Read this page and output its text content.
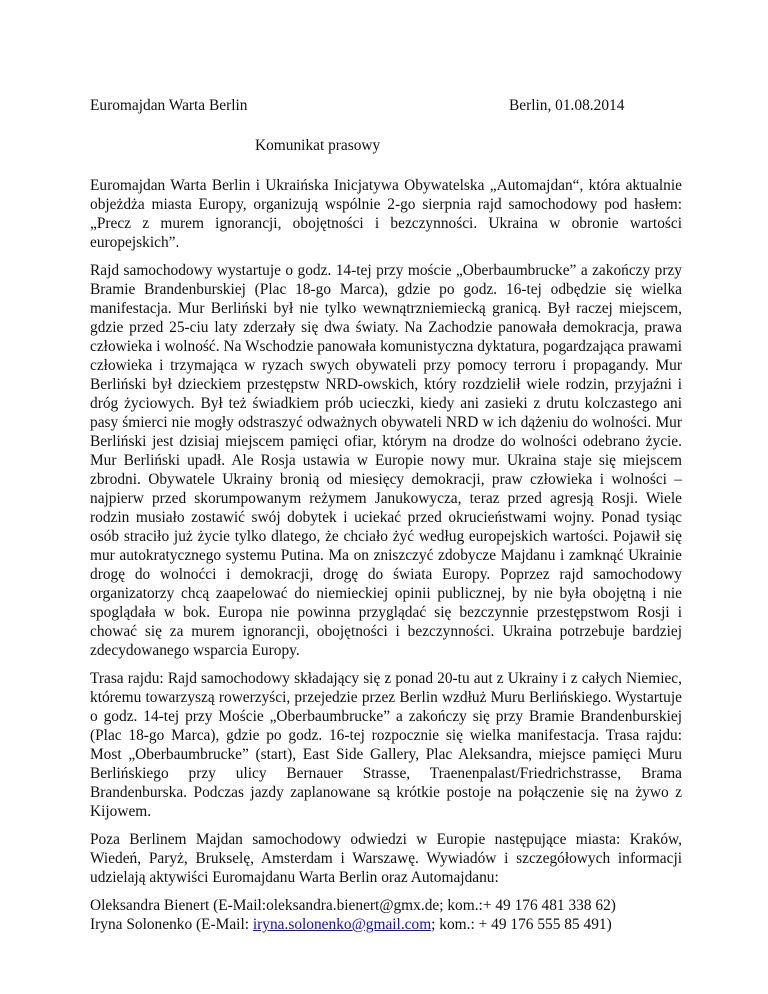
Euromajdan Warta Berlin	Berlin, 01.08.2014
Komunikat prasowy

Euromajdan Warta Berlin i Ukraińska Inicjatywa Obywatelska „Automajdan“, która aktualnie objeżdża miasta Europy, organizują wspólnie 2-go sierpnia rajd samochodowy pod hasłem: „Precz z murem ignorancji, obojętności i bezczynności. Ukraina w obronie wartości europejskich”.

Rajd samochodowy wystartuje o godz. 14-tej przy moście „Oberbaumbrucke” a zakończy przy Bramie Brandenburskiej (Plac 18-go Marca), gdzie po godz. 16-tej odbędzie się wielka manifestacja. Mur Berliński był nie tylko wewnątrzniemiecką granicą. Był raczej miejscem, gdzie przed 25-ciu laty zderzały się dwa światy. Na Zachodzie panowała demokracja, prawa człowieka i wolność. Na Wschodzie panowała komunistyczna dyktatura, pogardzająca prawami człowieka i trzymająca w ryzach swych obywateli przy pomocy terroru i propagandy. Mur Berliński był dzieckiem przestępstw NRD-owskich, który rozdzielił wiele rodzin, przyjaźni i dróg życiowych. Był też świadkiem prób ucieczki, kiedy ani zasieki z drutu kolczastego ani pasy śmierci nie mogły odstraszyć odważnych obywateli NRD w ich dążeniu do wolności. Mur Berliński jest dzisiaj miejscem pamięci ofiar, którym na drodze do wolności odebrano życie. Mur Berliński upadł. Ale Rosja ustawia w Europie nowy mur. Ukraina staje się miejscem zbrodni. Obywatele Ukrainy bronią od miesięcy demokracji, praw człowieka i wolności – najpierw przed skorumpowanym reżymem Janukowycza, teraz przed agresją Rosji. Wiele rodzin musiało zostawić swój dobytek i uciekać przed okrucieństwami wojny. Ponad tysiąc osób straciło już życie tylko dlatego, że chciało żyć według europejskich wartości. Pojawił się mur autokratycznego systemu Putina. Ma on zniszczyć zdobycze Majdanu i zamknąć Ukrainie drogę do wolnoćci i demokracji, drogę do świata Europy. Poprzez rajd samochodowy organizatorzy chcą zaapelować do niemieckiej opinii publicznej, by nie była obojętną i nie spoglądała w bok. Europa nie powinna przyglądać się bezczynnie przestępstwom Rosji i chować się za murem ignorancji, obojętności i bezczynności. Ukraina potrzebuje bardziej zdecydowanego wsparcia Europy.

Trasa rajdu: Rajd samochodowy składający się z ponad 20-tu aut z Ukrainy i z całych Niemiec, któremu towarzyszą rowerzyści, przejedzie przez Berlin wzdłuż Muru Berlińskiego. Wystartuje o godz. 14-tej przy Moście „Oberbaumbrucke” a zakończy się przy Bramie Brandenburskiej (Plac 18-go Marca), gdzie po godz. 16-tej rozpocznie się wielka manifestacja. Trasa rajdu: Most „Oberbaumbrucke” (start), East Side Gallery, Plac Aleksandra, miejsce pamięci Muru Berlińskiego przy ulicy Bernauer Strasse, Traenenpalast/Friedrichstrasse, Brama Brandenburska. Podczas jazdy zaplanowane są krótkie postoje na połączenie się na żywo z Kijowem.

Poza Berlinem Majdan samochodowy odwiedzi w Europie następujące miasta: Kraków, Wiedeń, Paryż, Brukselę, Amsterdam i Warszawę. Wywiadów i szczegółowych informacji udzielają aktywiści Euromajdanu Warta Berlin oraz Automajdanu:

Oleksandra Bienert (E-Mail:oleksandra.bienert@gmx.de; kom.:+ 49 176 481 338 62)
Iryna Solonenko (E-Mail: iryna.solonenko@gmail.com; kom.: + 49 176 555 85 491)
